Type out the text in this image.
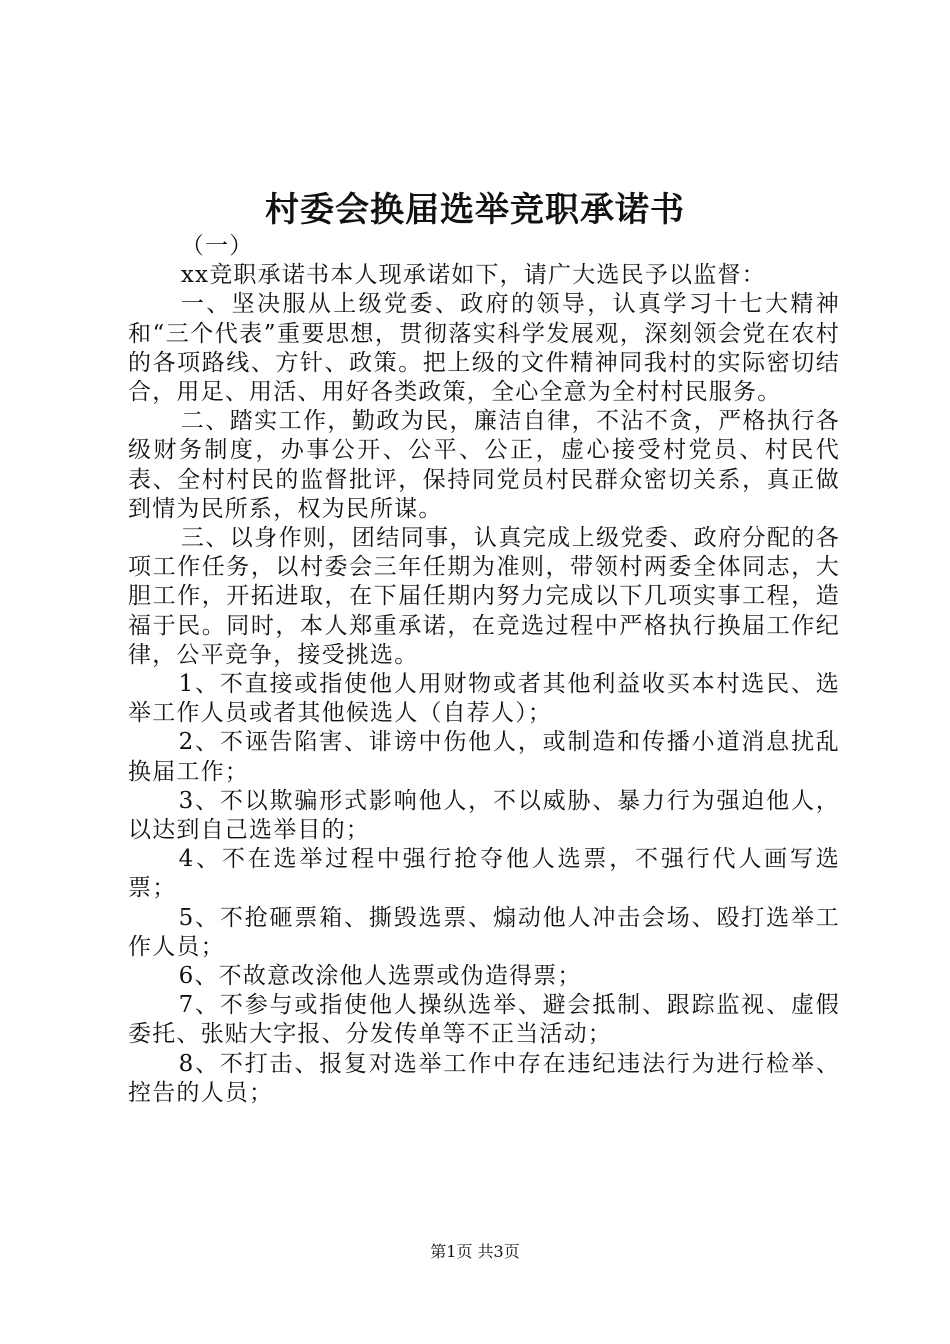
村委会换届选举竞职承诺书

（一）

xx竞职承诺书本人现承诺如下，请广大选民予以监督：

一、坚决服从上级党委、政府的领导，认真学习十七大精神和“三个代表”重要思想，贯彻落实科学发展观，深刻领会党在农村的各项路线、方针、政策。把上级的文件精神同我村的实际密切结合，用足、用活、用好各类政策，全心全意为全村村民服务。

二、踏实工作，勤政为民，廉洁自律，不沾不贪，严格执行各级财务制度，办事公开、公平、公正，虚心接受村党员、村民代表、全村村民的监督批评，保持同党员村民群众密切关系，真正做到情为民所系，权为民所谋。

三、以身作则，团结同事，认真完成上级党委、政府分配的各项工作任务，以村委会三年任期为准则，带领村两委全体同志，大胆工作，开拓进取，在下届任期内努力完成以下几项实事工程，造福于民。同时，本人郑重承诺，在竞选过程中严格执行换届工作纪律，公平竞争，接受挑选。

1、不直接或指使他人用财物或者其他利益收买本村选民、选举工作人员或者其他候选人（自荐人）；

2、不诬告陷害、诽谤中伤他人，或制造和传播小道消息扰乱换届工作；

3、不以欺骗形式影响他人，不以威胁、暴力行为强迫他人，以达到自己选举目的；

4、不在选举过程中强行抢夺他人选票，不强行代人画写选票；

5、不抢砸票箱、撕毁选票、煽动他人冲击会场、殴打选举工作人员；

6、不故意改涂他人选票或伪造得票；

7、不参与或指使他人操纵选举、避会抵制、跟踪监视、虚假委托、张贴大字报、分发传单等不正当活动；

8、不打击、报复对选举工作中存在违纪违法行为进行检举、控告的人员；

第1页 共3页
